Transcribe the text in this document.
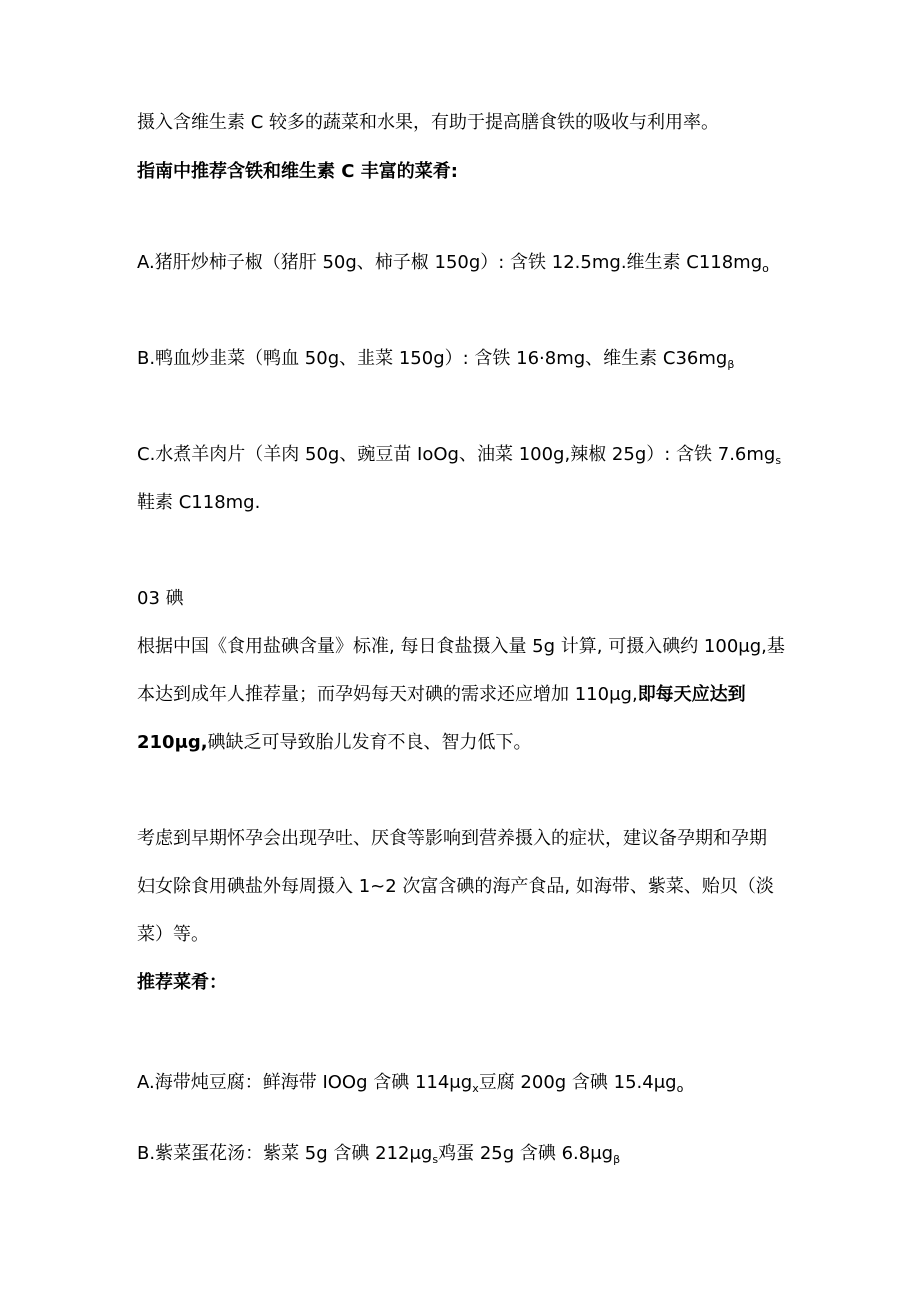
摄入含维生素 C 较多的蔬菜和水果，有助于提高膳食铁的吸收与利用率。
指南中推荐含铁和维生素 C 丰富的菜肴:
A.猪肝炒柿子椒（猪肝 50g、柿子椒 150g）: 含铁 12.5mg.维生素 $C118mg_o$
B.鸭血炒韭菜（鸭血 50g、韭菜 150g）: 含铁 16·8mg、维生素 $C36mg_\beta$
C.水煮羊肉片（羊肉 50g、豌豆苗 IoOg、油菜 100g,辣椒 25g）: 含铁 $7.6mg_s$
鞋素 C118mg.
03 碘
根据中国《食用盐碘含量》标准, 每日食盐摄入量 5g 计算, 可摄入碘约 100μg,基
本达到成年人推荐量；而孕妈每天对碘的需求还应增加 110μg,即每天应达到
210μg,碘缺乏可导致胎儿发育不良、智力低下。
考虑到早期怀孕会出现孕吐、厌食等影响到营养摄入的症状，建议备孕期和孕期
妇女除食用碘盐外每周摄入 1~2 次富含碘的海产食品, 如海带、紫菜、贻贝（淡
菜）等。
推荐菜肴：
A.海带炖豆腐：鲜海带 IOOg 含碘 $114\mu g_x$豆腐 200g 含碘 $15.4\mu g_o$
B.紫菜蛋花汤：紫菜 5g 含碘 $212\mu g_s$鸡蛋 25g 含碘 $6.8\mu g_\beta$
